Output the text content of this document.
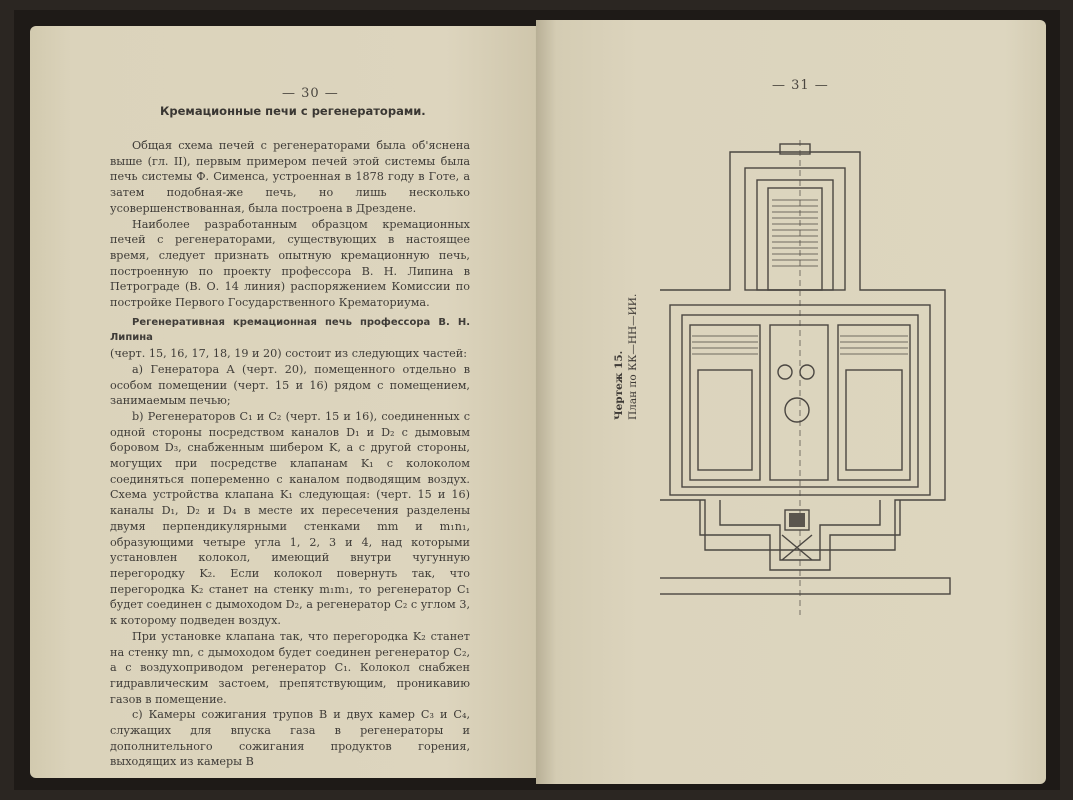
— 30 —
— 31 —
Кремационные печи с регенераторами.

Общая схема печей с регенераторами была об'яснена выше (гл. II), первым примером печей этой системы была печь системы Ф. Сименса, устроенная в 1878 году в Готе, а затем подобная-же печь, но лишь несколько усовершенствованная, была построена в Дрездене.

Наиболее разработанным образцом кремационных печей с регенераторами, существующих в настоящее время, следует признать опытную кремационную печь, построенную по проекту профессора В. Н. Липина в Петрограде (В. О. 14 линия) распоряжением Комиссии по постройке Первого Государственного Крематориума.

Регенеративная кремационная печь профессора В. Н. Липина

(черт. 15, 16, 17, 18, 19 и 20) состоит из следующих частей:

a) Генератора A (черт. 20), помещенного отдельно в особом помещении (черт. 15 и 16) рядом с помещением, занимаемым печью;

b) Регенераторов C₁ и C₂ (черт. 15 и 16), соединенных с одной стороны посредством каналов D₁ и D₂ с дымовым боровом D₃, снабженным шибером K, а с другой стороны, могущих при посредстве клапанам K₁ с колоколом соединяться попеременно с каналом подводящим воздух. Схема устройства клапана K₁ следующая: (черт. 15 и 16) каналы D₁, D₂ и D₄ в месте их пересечения разделены двумя перпендикулярными стенками mm и m₁n₁, образующими четыре угла 1, 2, 3 и 4, над которыми установлен колокол, имеющий внутри чугунную перегородку K₂. Если колокол повернуть так, что перегородка K₂ станет на стенку m₁m₁, то регенератор C₁ будет соединен с дымоходом D₂, а регенератор C₂ с углом 3, к которому подведен воздух.

При установке клапана так, что перегородка K₂ станет на стенку mn, с дымоходом будет соединен регенератор C₂, а с воздухоприводом регенератор C₁. Колокол снабжен гидравлическим застоем, препятствующим, проникавию газов в помещение.

c) Камеры сожигания трупов B и двух камер C₃ и C₄, служащих для впуска газа в регенераторы и дополнительного сожигания продуктов горения, выходящих из камеры B

Чертеж 15. План по КК—НН—ИИ.
